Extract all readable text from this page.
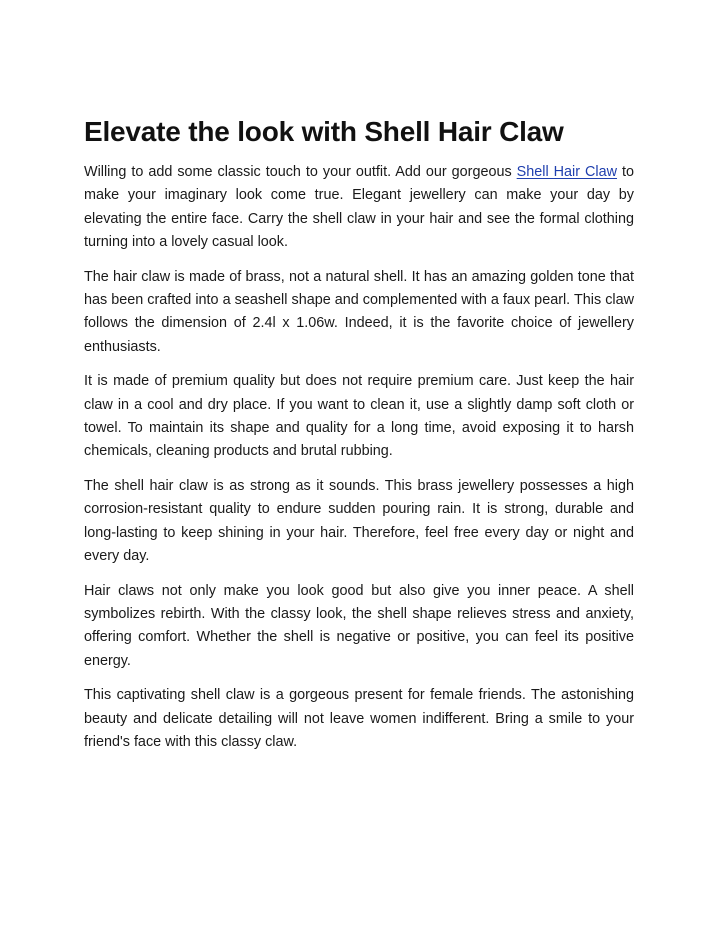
Elevate the look with Shell Hair Claw

Willing to add some classic touch to your outfit. Add our gorgeous Shell Hair Claw to make your imaginary look come true. Elegant jewellery can make your day by elevating the entire face. Carry the shell claw in your hair and see the formal clothing turning into a lovely casual look.

The hair claw is made of brass, not a natural shell. It has an amazing golden tone that has been crafted into a seashell shape and complemented with a faux pearl. This claw follows the dimension of 2.4l x 1.06w. Indeed, it is the favorite choice of jewellery enthusiasts.

It is made of premium quality but does not require premium care. Just keep the hair claw in a cool and dry place. If you want to clean it, use a slightly damp soft cloth or towel. To maintain its shape and quality for a long time, avoid exposing it to harsh chemicals, cleaning products and brutal rubbing.

The shell hair claw is as strong as it sounds. This brass jewellery possesses a high corrosion-resistant quality to endure sudden pouring rain. It is strong, durable and long-lasting to keep shining in your hair. Therefore, feel free every day or night and every day.

Hair claws not only make you look good but also give you inner peace. A shell symbolizes rebirth. With the classy look, the shell shape relieves stress and anxiety, offering comfort. Whether the shell is negative or positive, you can feel its positive energy.

This captivating shell claw is a gorgeous present for female friends. The astonishing beauty and delicate detailing will not leave women indifferent. Bring a smile to your friend's face with this classy claw.
